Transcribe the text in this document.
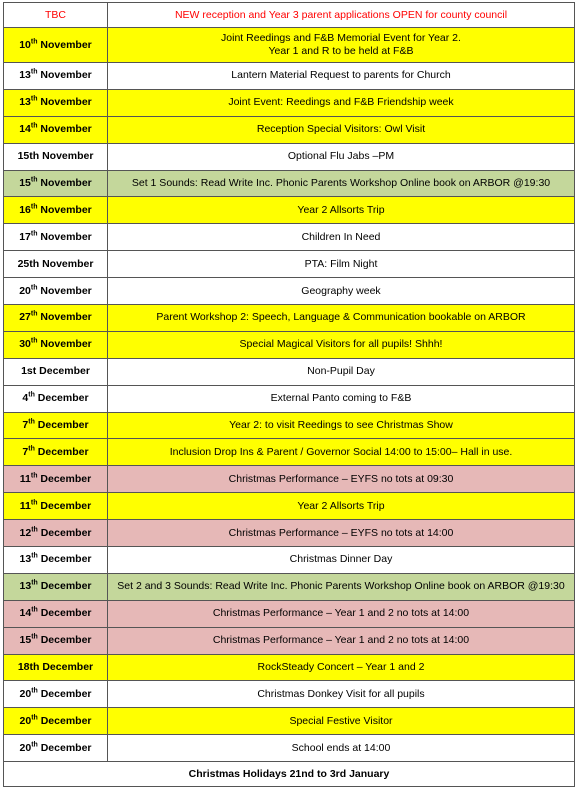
TBC	NEW reception and Year 3 parent applications OPEN for county council

10th November	Joint Reedings and F&B Memorial Event for Year 2.
Year 1 and R to be held at F&B

13th November	Lantern Material Request to parents for Church

13th November	Joint Event: Reedings and F&B Friendship week

14th November	Reception Special Visitors: Owl Visit

15th November	Optional Flu Jabs –PM

15th November	Set 1 Sounds: Read Write Inc. Phonic Parents Workshop Online book on ARBOR @19:30

16th November	Year 2 Allsorts Trip

17th November	Children In Need

25th November	PTA: Film Night

20th November	Geography week

27th November	Parent Workshop 2: Speech, Language & Communication bookable on ARBOR

30th November	Special Magical Visitors for all pupils! Shhh!

1st December	Non-Pupil Day

4th December	External Panto coming to F&B

7th December	Year 2: to visit Reedings to see Christmas Show

7th December	Inclusion Drop Ins & Parent / Governor Social 14:00 to 15:00– Hall in use.

11th December	Christmas Performance – EYFS no tots at 09:30

11th December	Year 2 Allsorts Trip

12th December	Christmas Performance – EYFS no tots at 14:00

13th December	Christmas Dinner Day

13th December	Set 2 and 3 Sounds: Read Write Inc. Phonic Parents Workshop Online book on ARBOR @19:30

14th December	Christmas Performance – Year 1 and 2 no tots at 14:00

15th December	Christmas Performance – Year 1 and 2 no tots at 14:00

18th December	RockSteady Concert – Year 1 and 2

20th December	Christmas Donkey Visit for all pupils

20th December	Special Festive Visitor

20th December	School ends at 14:00

Christmas Holidays 21nd to 3rd January	
